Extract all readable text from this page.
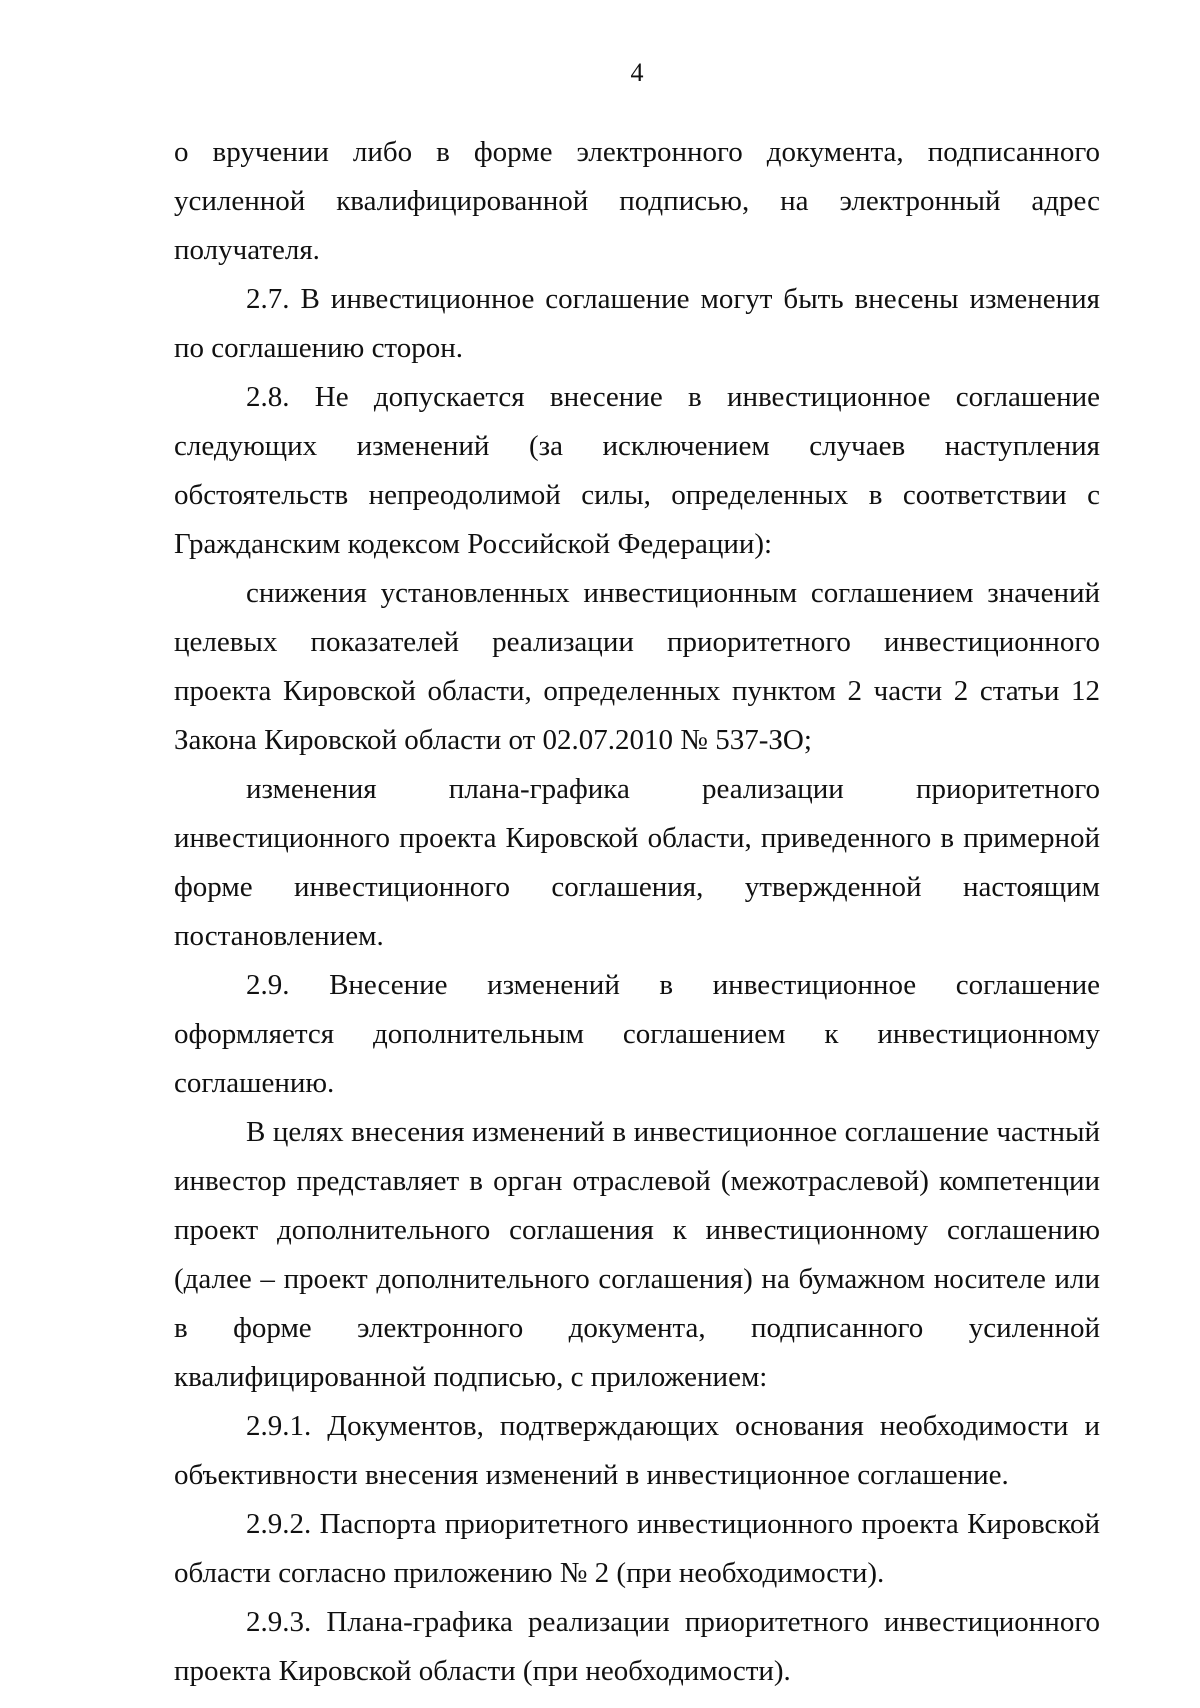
4

о вручении либо в форме электронного документа, подписанного усиленной квалифицированной подписью, на электронный адрес получателя.

2.7. В инвестиционное соглашение могут быть внесены изменения по соглашению сторон.

2.8. Не допускается внесение в инвестиционное соглашение следующих изменений (за исключением случаев наступления обстоятельств непреодолимой силы, определенных в соответствии с Гражданским кодексом Российской Федерации):

снижения установленных инвестиционным соглашением значений целевых показателей реализации приоритетного инвестиционного проекта Кировской области, определенных пунктом 2 части 2 статьи 12 Закона Кировской области от 02.07.2010 № 537-ЗО;

изменения плана-графика реализации приоритетного инвестиционного проекта Кировской области, приведенного в примерной форме инвестиционного соглашения, утвержденной настоящим постановлением.

2.9. Внесение изменений в инвестиционное соглашение оформляется дополнительным соглашением к инвестиционному соглашению.

В целях внесения изменений в инвестиционное соглашение частный инвестор представляет в орган отраслевой (межотраслевой) компетенции проект дополнительного соглашения к инвестиционному соглашению (далее – проект дополнительного соглашения) на бумажном носителе или в форме электронного документа, подписанного усиленной квалифицированной подписью, с приложением:

2.9.1. Документов, подтверждающих основания необходимости и объективности внесения изменений в инвестиционное соглашение.

2.9.2. Паспорта приоритетного инвестиционного проекта Кировской области согласно приложению № 2 (при необходимости).

2.9.3. Плана-графика реализации приоритетного инвестиционного проекта Кировской области (при необходимости).
